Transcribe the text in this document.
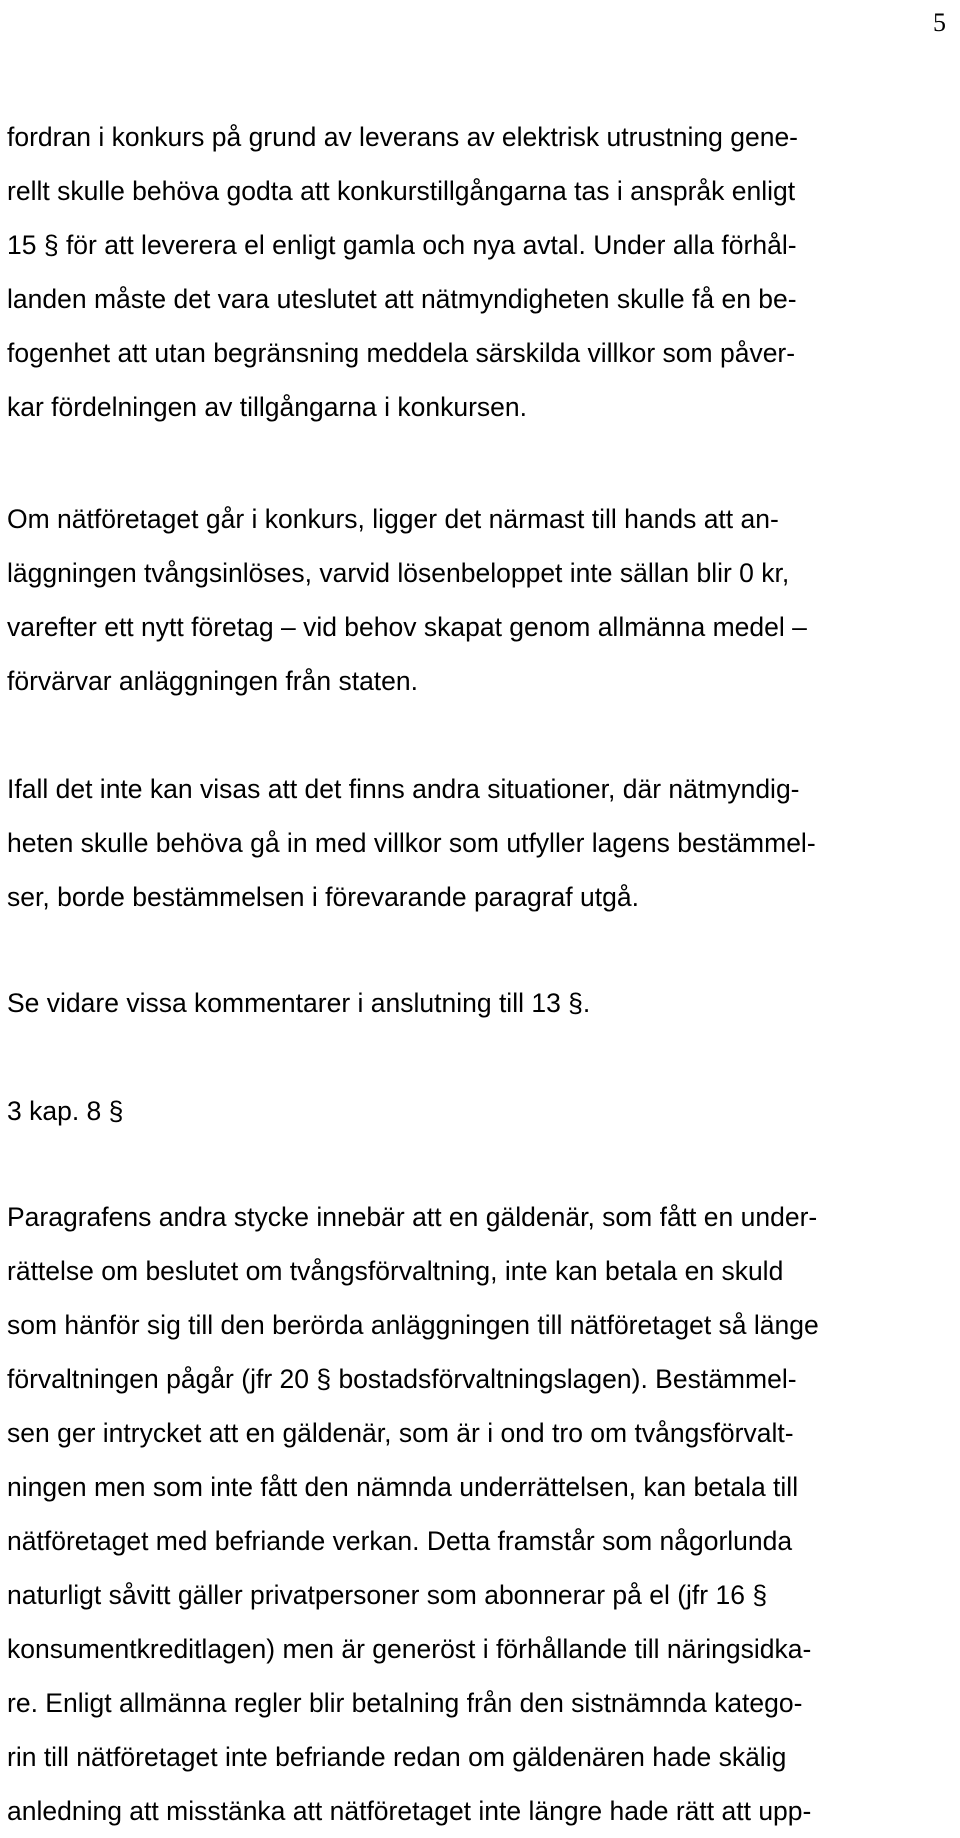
5
fordran i konkurs på grund av leverans av elektrisk utrustning gene-
rellt skulle behöva godta att konkurstillgångarna tas i anspråk enligt
15 § för att leverera el enligt gamla och nya avtal. Under alla förhål-
landen måste det vara uteslutet att nätmyndigheten skulle få en be-
fogenhet att utan begränsning meddela särskilda villkor som påver-
kar fördelningen av tillgångarna i konkursen.
Om nätföretaget går i konkurs, ligger det närmast till hands att an-
läggningen tvångsinlöses, varvid lösenbeloppet inte sällan blir 0 kr,
varefter ett nytt företag – vid behov skapat genom allmänna medel –
förvärvar anläggningen från staten.
Ifall det inte kan visas att det finns andra situationer, där nätmyndig-
heten skulle behöva gå in med villkor som utfyller lagens bestämmel-
ser, borde bestämmelsen i förevarande paragraf utgå.
Se vidare vissa kommentarer i anslutning till 13 §.
3 kap. 8 §
Paragrafens andra stycke innebär att en gäldenär, som fått en under-
rättelse om beslutet om tvångsförvaltning, inte kan betala en skuld
som hänför sig till den berörda anläggningen till nätföretaget så länge
förvaltningen pågår (jfr 20 § bostadsförvaltningslagen). Bestämmel-
sen ger intrycket att en gäldenär, som är i ond tro om tvångsförvalt-
ningen men som inte fått den nämnda underrättelsen, kan betala till
nätföretaget med befriande verkan. Detta framstår som någorlunda
naturligt såvitt gäller privatpersoner som abonnerar på el (jfr 16 §
konsumentkreditlagen) men är generöst i förhållande till näringsidka-
re. Enligt allmänna regler blir betalning från den sistnämnda katego-
rin till nätföretaget inte befriande redan om gäldenären hade skälig
anledning att misstänka att nätföretaget inte längre hade rätt att upp-
